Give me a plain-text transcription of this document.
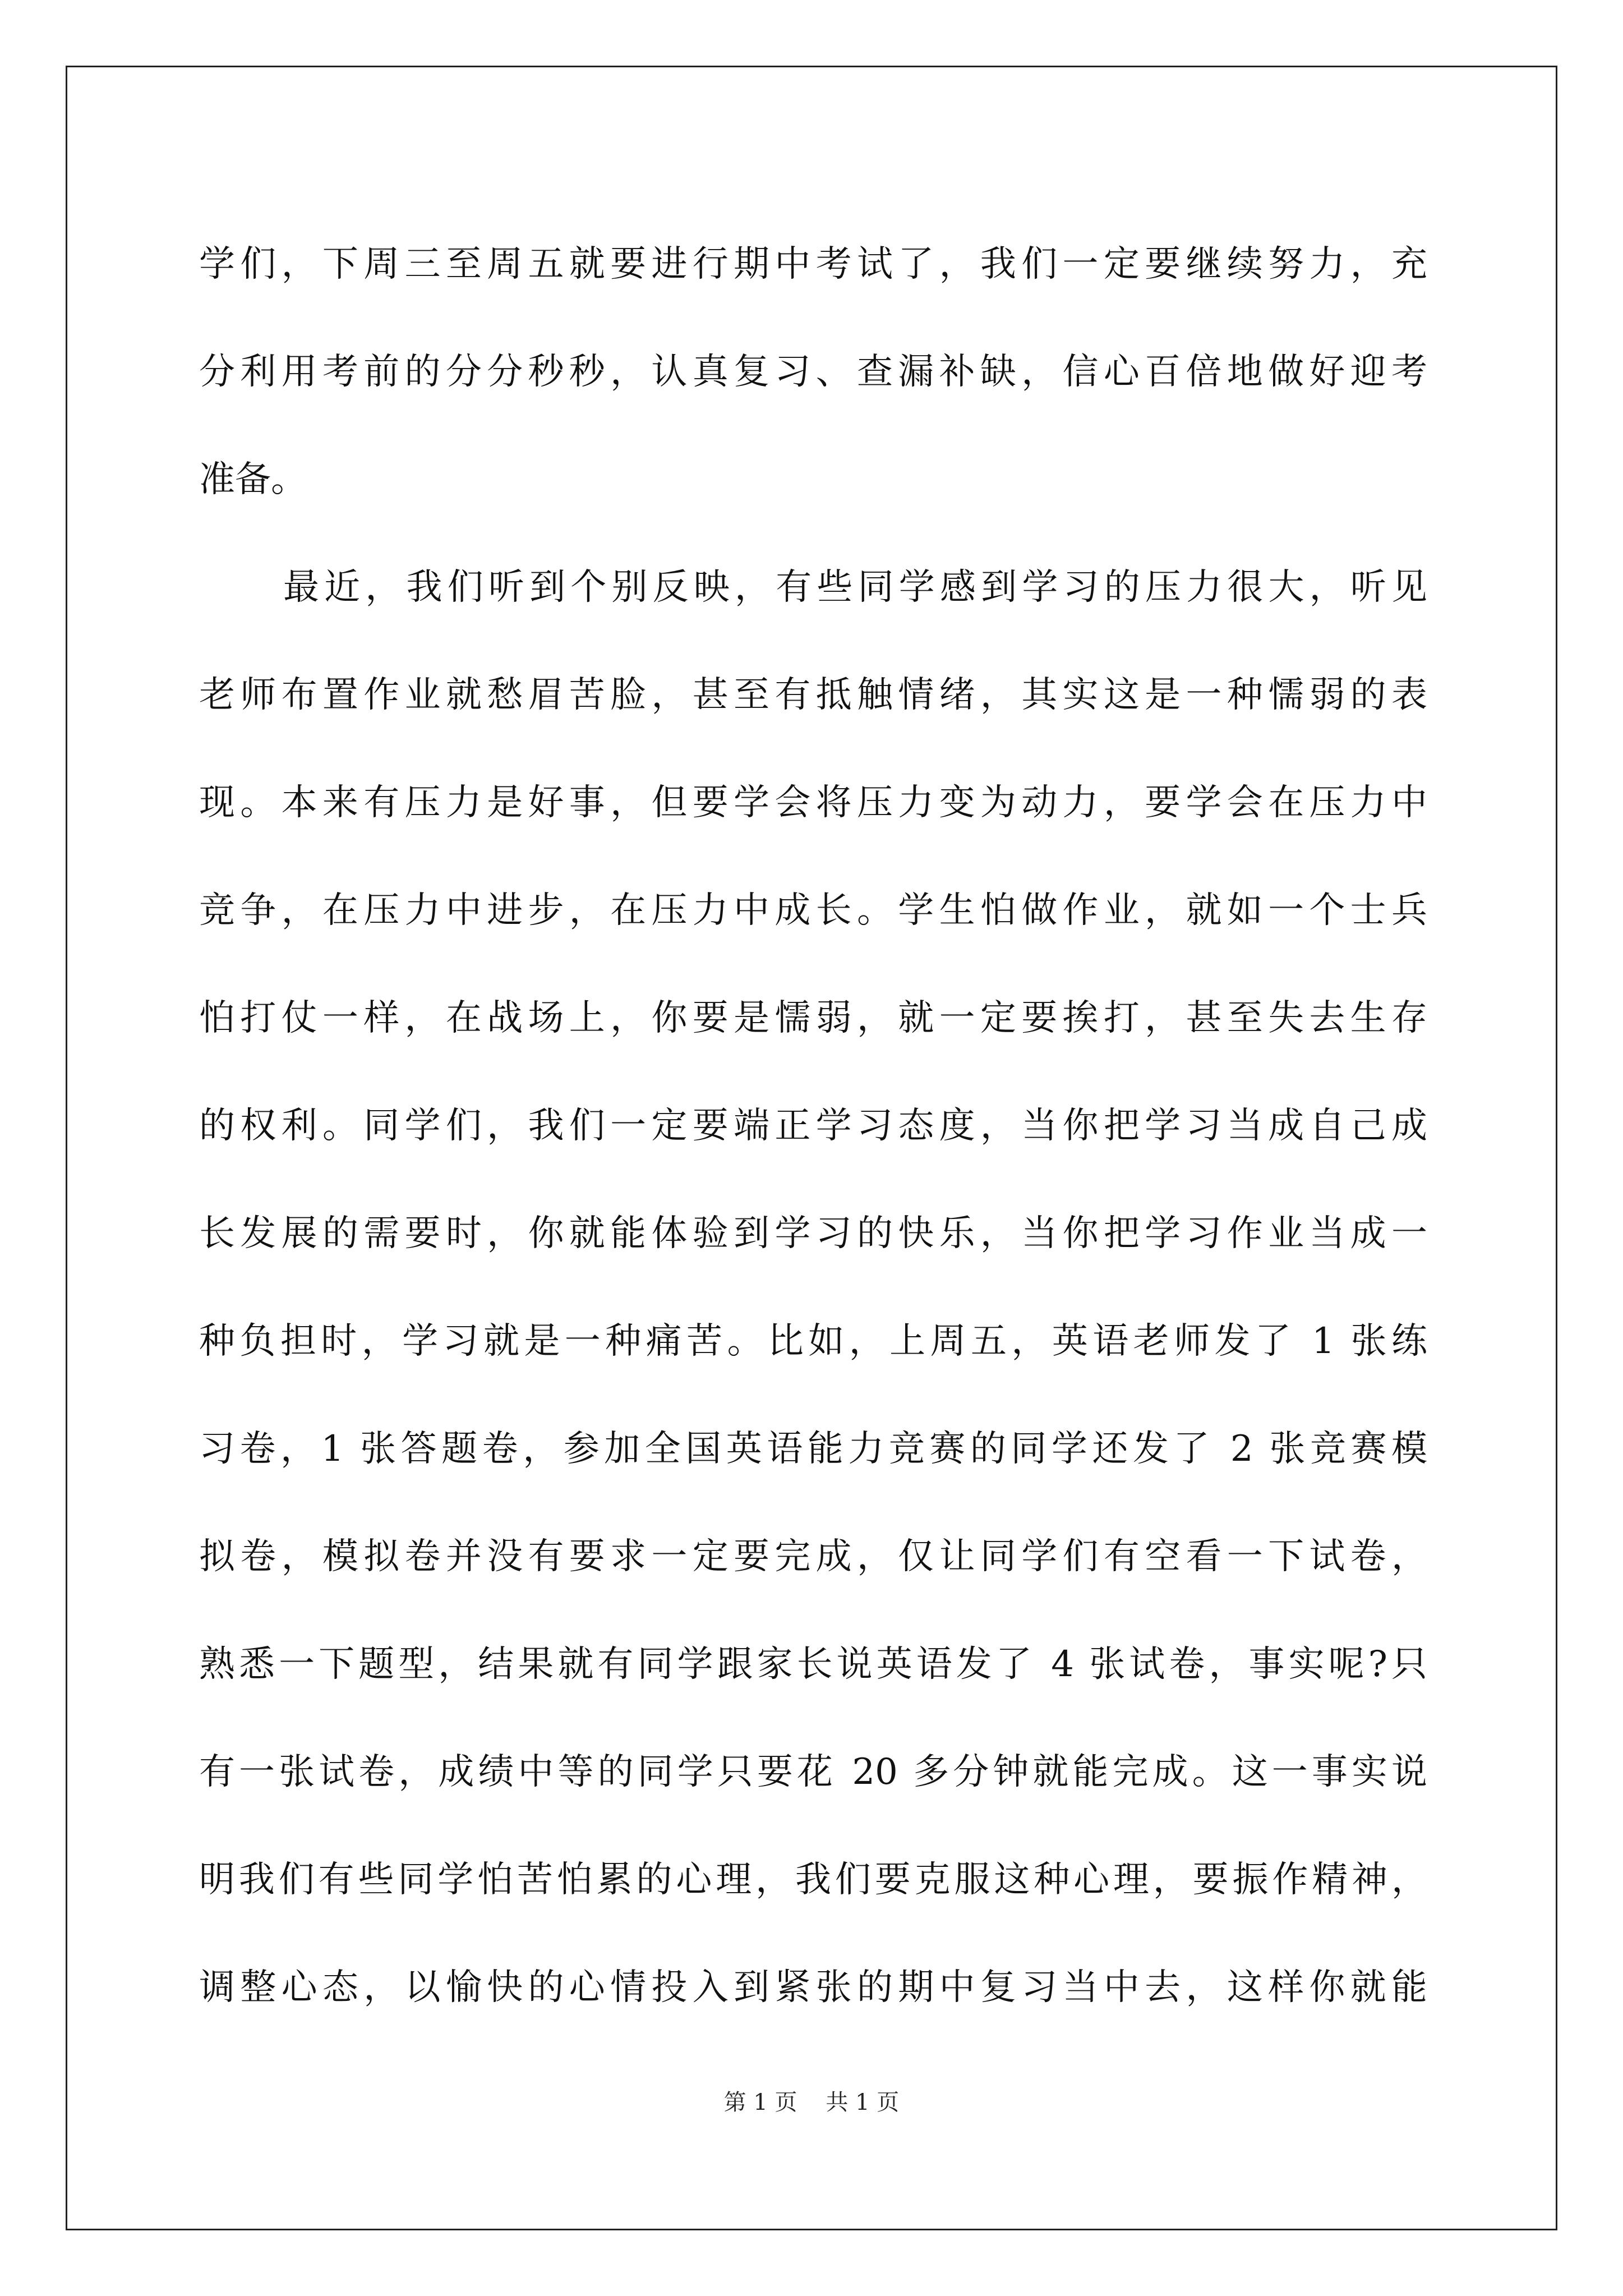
学们，下周三至周五就要进行期中考试了，我们一定要继续努力，充
分利用考前的分分秒秒，认真复习、查漏补缺，信心百倍地做好迎考
准备。
最近，我们听到个别反映，有些同学感到学习的压力很大，听见
老师布置作业就愁眉苦脸，甚至有抵触情绪，其实这是一种懦弱的表
现。本来有压力是好事，但要学会将压力变为动力，要学会在压力中
竞争，在压力中进步，在压力中成长。学生怕做作业，就如一个士兵
怕打仗一样，在战场上，你要是懦弱，就一定要挨打，甚至失去生存
的权利。同学们，我们一定要端正学习态度，当你把学习当成自己成
长发展的需要时，你就能体验到学习的快乐，当你把学习作业当成一
种负担时，学习就是一种痛苦。比如，上周五，英语老师发了 1 张练
习卷，1 张答题卷，参加全国英语能力竞赛的同学还发了 2 张竞赛模
拟卷，模拟卷并没有要求一定要完成，仅让同学们有空看一下试卷，
熟悉一下题型，结果就有同学跟家长说英语发了 4 张试卷，事实呢?只
有一张试卷，成绩中等的同学只要花 20 多分钟就能完成。这一事实说
明我们有些同学怕苦怕累的心理，我们要克服这种心理，要振作精神，
调整心态，以愉快的心情投入到紧张的期中复习当中去，这样你就能
第 1 页 共 1 页
